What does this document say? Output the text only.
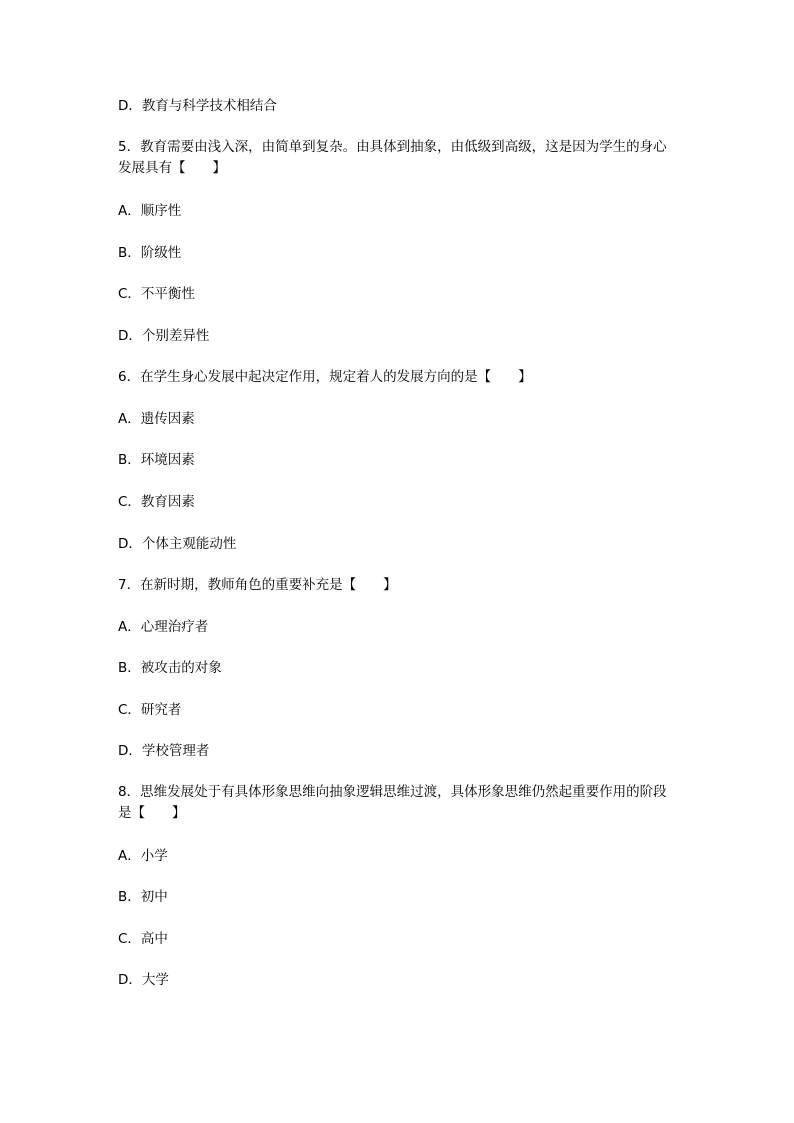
D．教育与科学技术相结合
5．教育需要由浅入深，由简单到复杂。由具体到抽象，由低级到高级，这是因为学生的身心发展具有【　　】
A．顺序性
B．阶级性
C．不平衡性
D．个别差异性
6．在学生身心发展中起决定作用，规定着人的发展方向的是【　　】
A．遗传因素
B．环境因素
C．教育因素
D．个体主观能动性
7．在新时期，教师角色的重要补充是【　　】
A．心理治疗者
B．被攻击的对象
C．研究者
D．学校管理者
8．思维发展处于有具体形象思维向抽象逻辑思维过渡，具体形象思维仍然起重要作用的阶段是【　　】
A．小学
B．初中
C．高中
D．大学
